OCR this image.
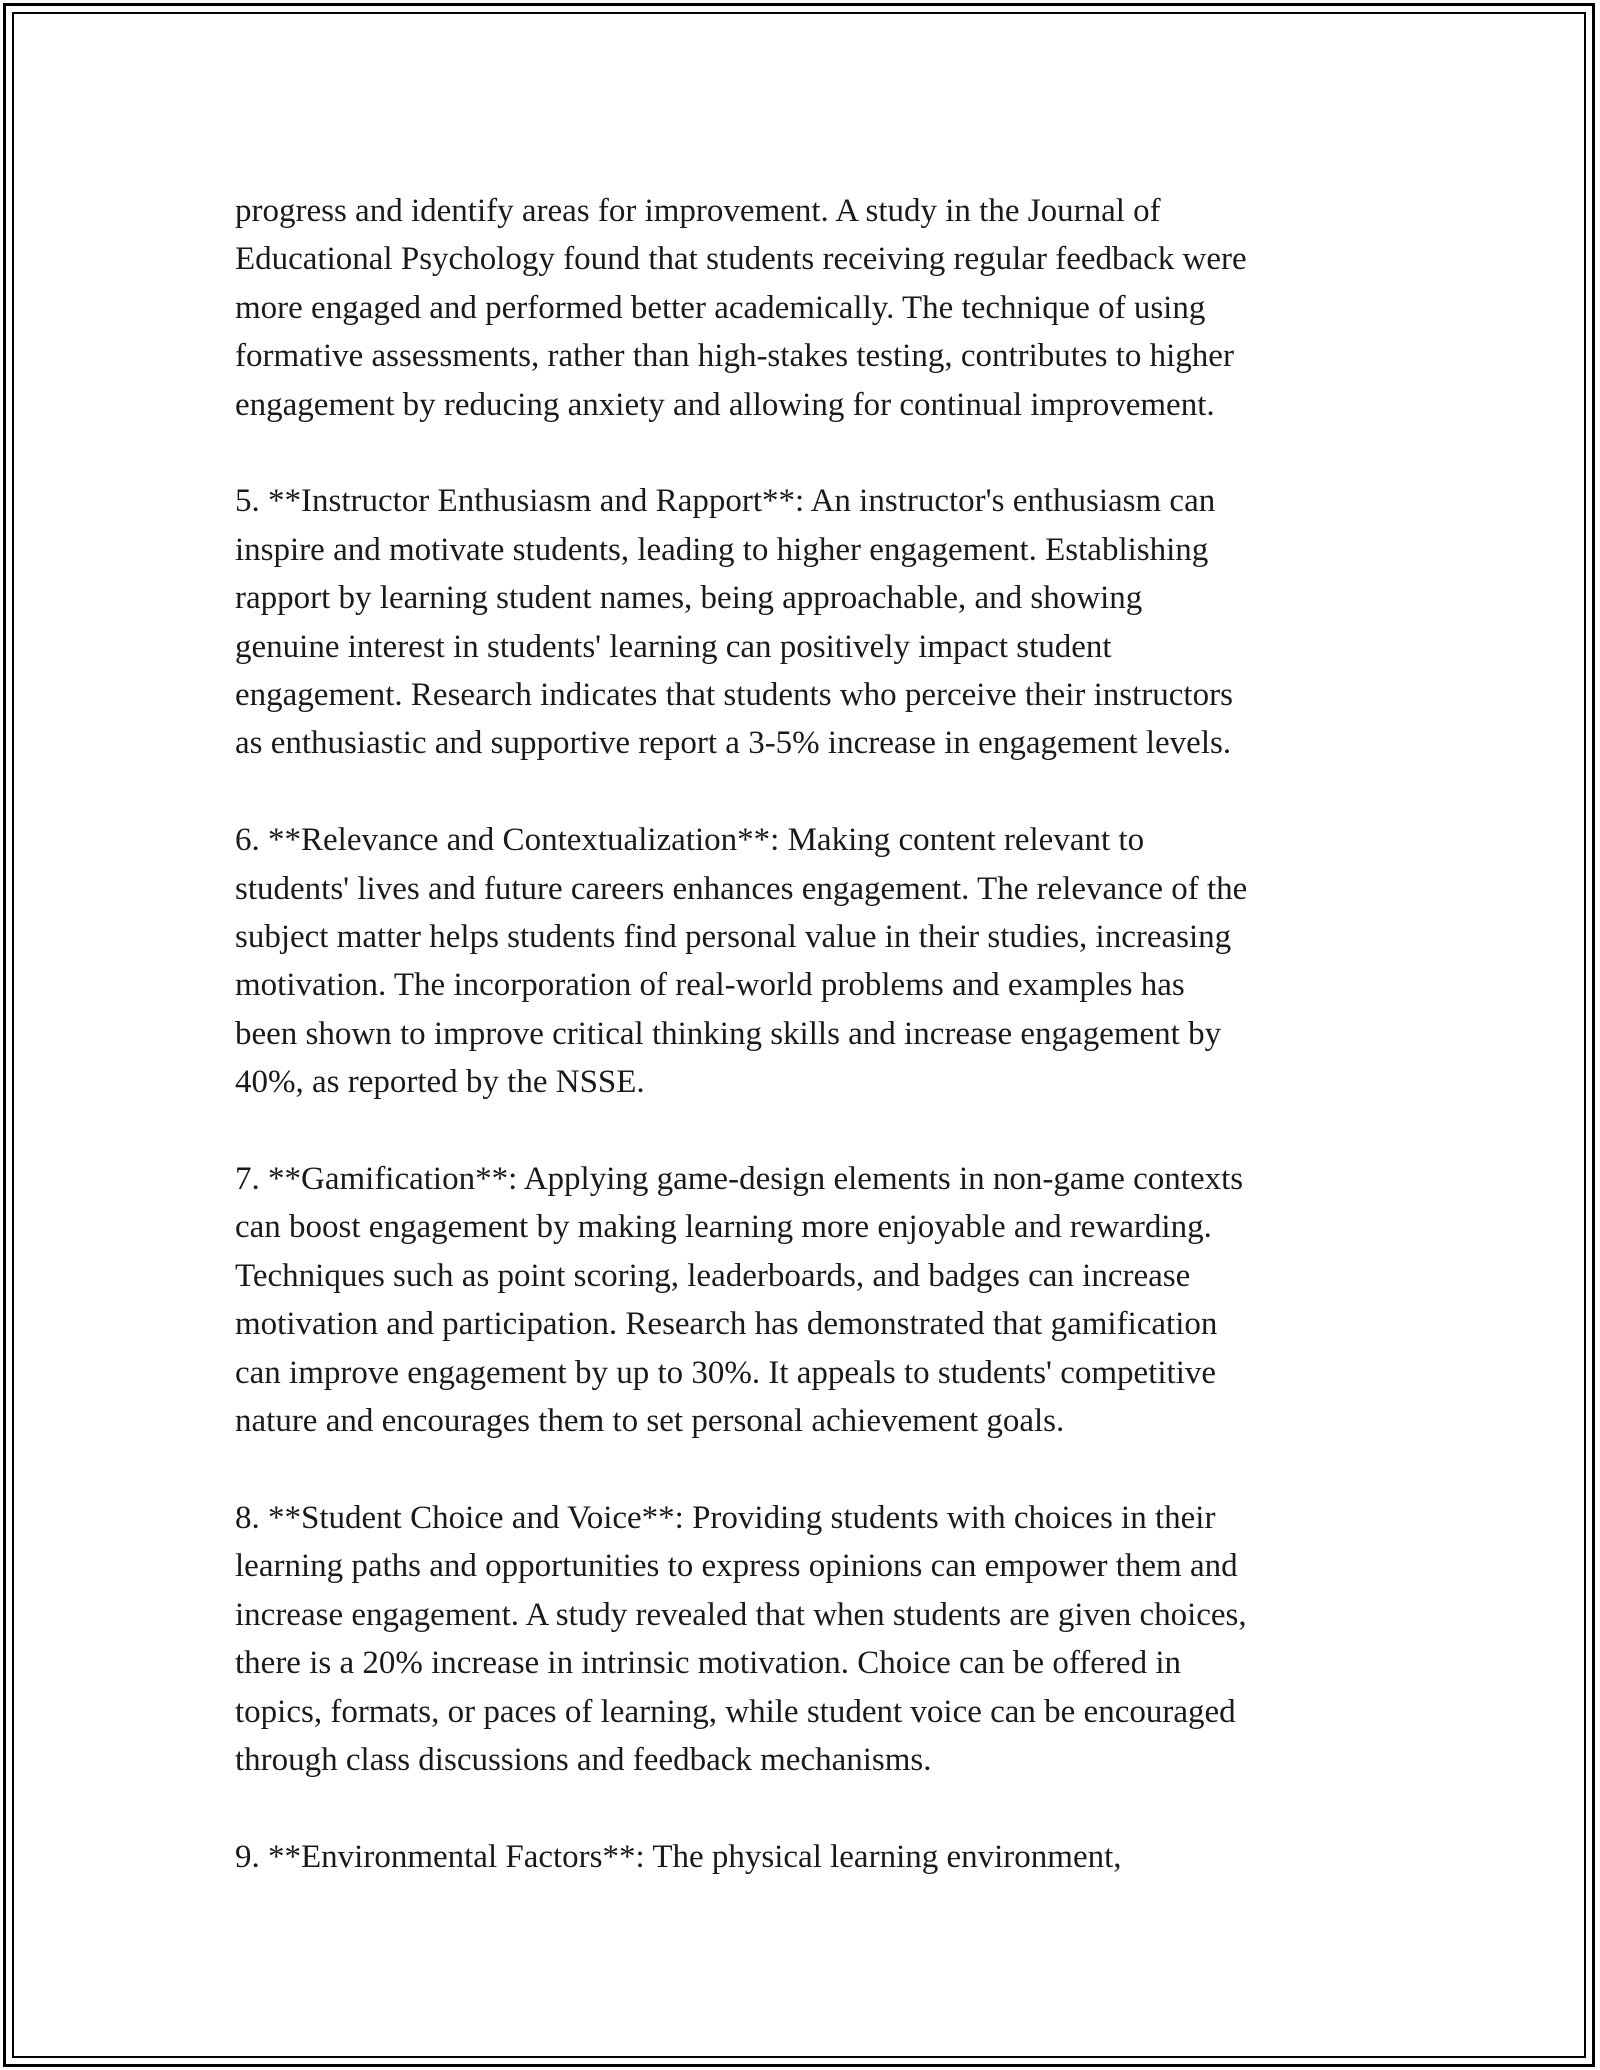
progress and identify areas for improvement. A study in the Journal of
Educational Psychology found that students receiving regular feedback were
more engaged and performed better academically. The technique of using
formative assessments, rather than high-stakes testing, contributes to higher
engagement by reducing anxiety and allowing for continual improvement.

5. **Instructor Enthusiasm and Rapport**: An instructor's enthusiasm can
inspire and motivate students, leading to higher engagement. Establishing
rapport by learning student names, being approachable, and showing
genuine interest in students' learning can positively impact student
engagement. Research indicates that students who perceive their instructors
as enthusiastic and supportive report a 3-5% increase in engagement levels.

6. **Relevance and Contextualization**: Making content relevant to
students' lives and future careers enhances engagement. The relevance of the
subject matter helps students find personal value in their studies, increasing
motivation. The incorporation of real-world problems and examples has
been shown to improve critical thinking skills and increase engagement by
40%, as reported by the NSSE.

7. **Gamification**: Applying game-design elements in non-game contexts
can boost engagement by making learning more enjoyable and rewarding.
Techniques such as point scoring, leaderboards, and badges can increase
motivation and participation. Research has demonstrated that gamification
can improve engagement by up to 30%. It appeals to students' competitive
nature and encourages them to set personal achievement goals.

8. **Student Choice and Voice**: Providing students with choices in their
learning paths and opportunities to express opinions can empower them and
increase engagement. A study revealed that when students are given choices,
there is a 20% increase in intrinsic motivation. Choice can be offered in
topics, formats, or paces of learning, while student voice can be encouraged
through class discussions and feedback mechanisms.

9. **Environmental Factors**: The physical learning environment,
